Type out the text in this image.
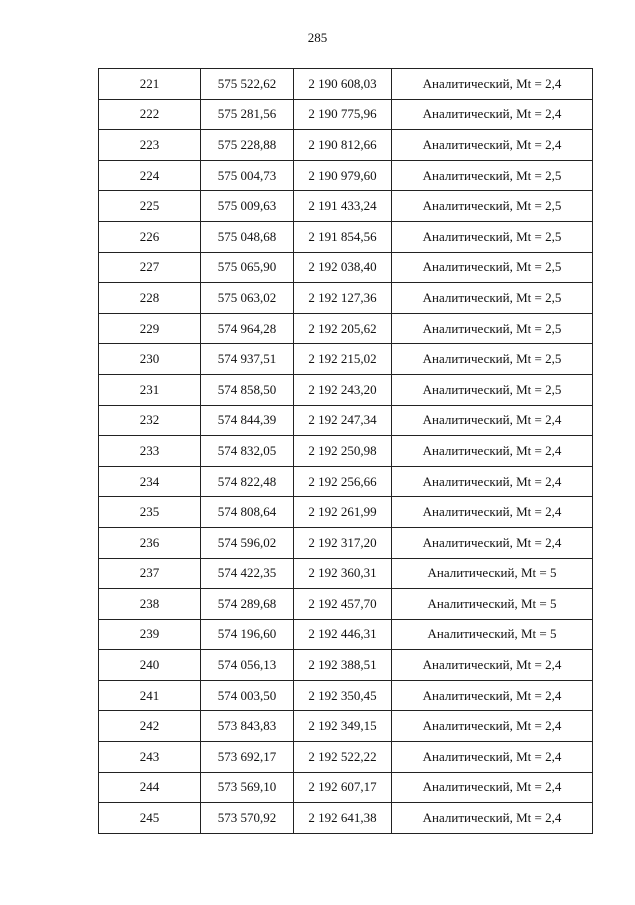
285
221	575 522,62	2 190 608,03	Аналитический, Mt = 2,4
222	575 281,56	2 190 775,96	Аналитический, Mt = 2,4
223	575 228,88	2 190 812,66	Аналитический, Mt = 2,4
224	575 004,73	2 190 979,60	Аналитический, Mt = 2,5
225	575 009,63	2 191 433,24	Аналитический, Mt = 2,5
226	575 048,68	2 191 854,56	Аналитический, Mt = 2,5
227	575 065,90	2 192 038,40	Аналитический, Mt = 2,5
228	575 063,02	2 192 127,36	Аналитический, Mt = 2,5
229	574 964,28	2 192 205,62	Аналитический, Mt = 2,5
230	574 937,51	2 192 215,02	Аналитический, Mt = 2,5
231	574 858,50	2 192 243,20	Аналитический, Mt = 2,5
232	574 844,39	2 192 247,34	Аналитический, Mt = 2,4
233	574 832,05	2 192 250,98	Аналитический, Mt = 2,4
234	574 822,48	2 192 256,66	Аналитический, Mt = 2,4
235	574 808,64	2 192 261,99	Аналитический, Mt = 2,4
236	574 596,02	2 192 317,20	Аналитический, Mt = 2,4
237	574 422,35	2 192 360,31	Аналитический, Mt = 5
238	574 289,68	2 192 457,70	Аналитический, Mt = 5
239	574 196,60	2 192 446,31	Аналитический, Mt = 5
240	574 056,13	2 192 388,51	Аналитический, Mt = 2,4
241	574 003,50	2 192 350,45	Аналитический, Mt = 2,4
242	573 843,83	2 192 349,15	Аналитический, Mt = 2,4
243	573 692,17	2 192 522,22	Аналитический, Mt = 2,4
244	573 569,10	2 192 607,17	Аналитический, Mt = 2,4
245	573 570,92	2 192 641,38	Аналитический, Mt = 2,4
